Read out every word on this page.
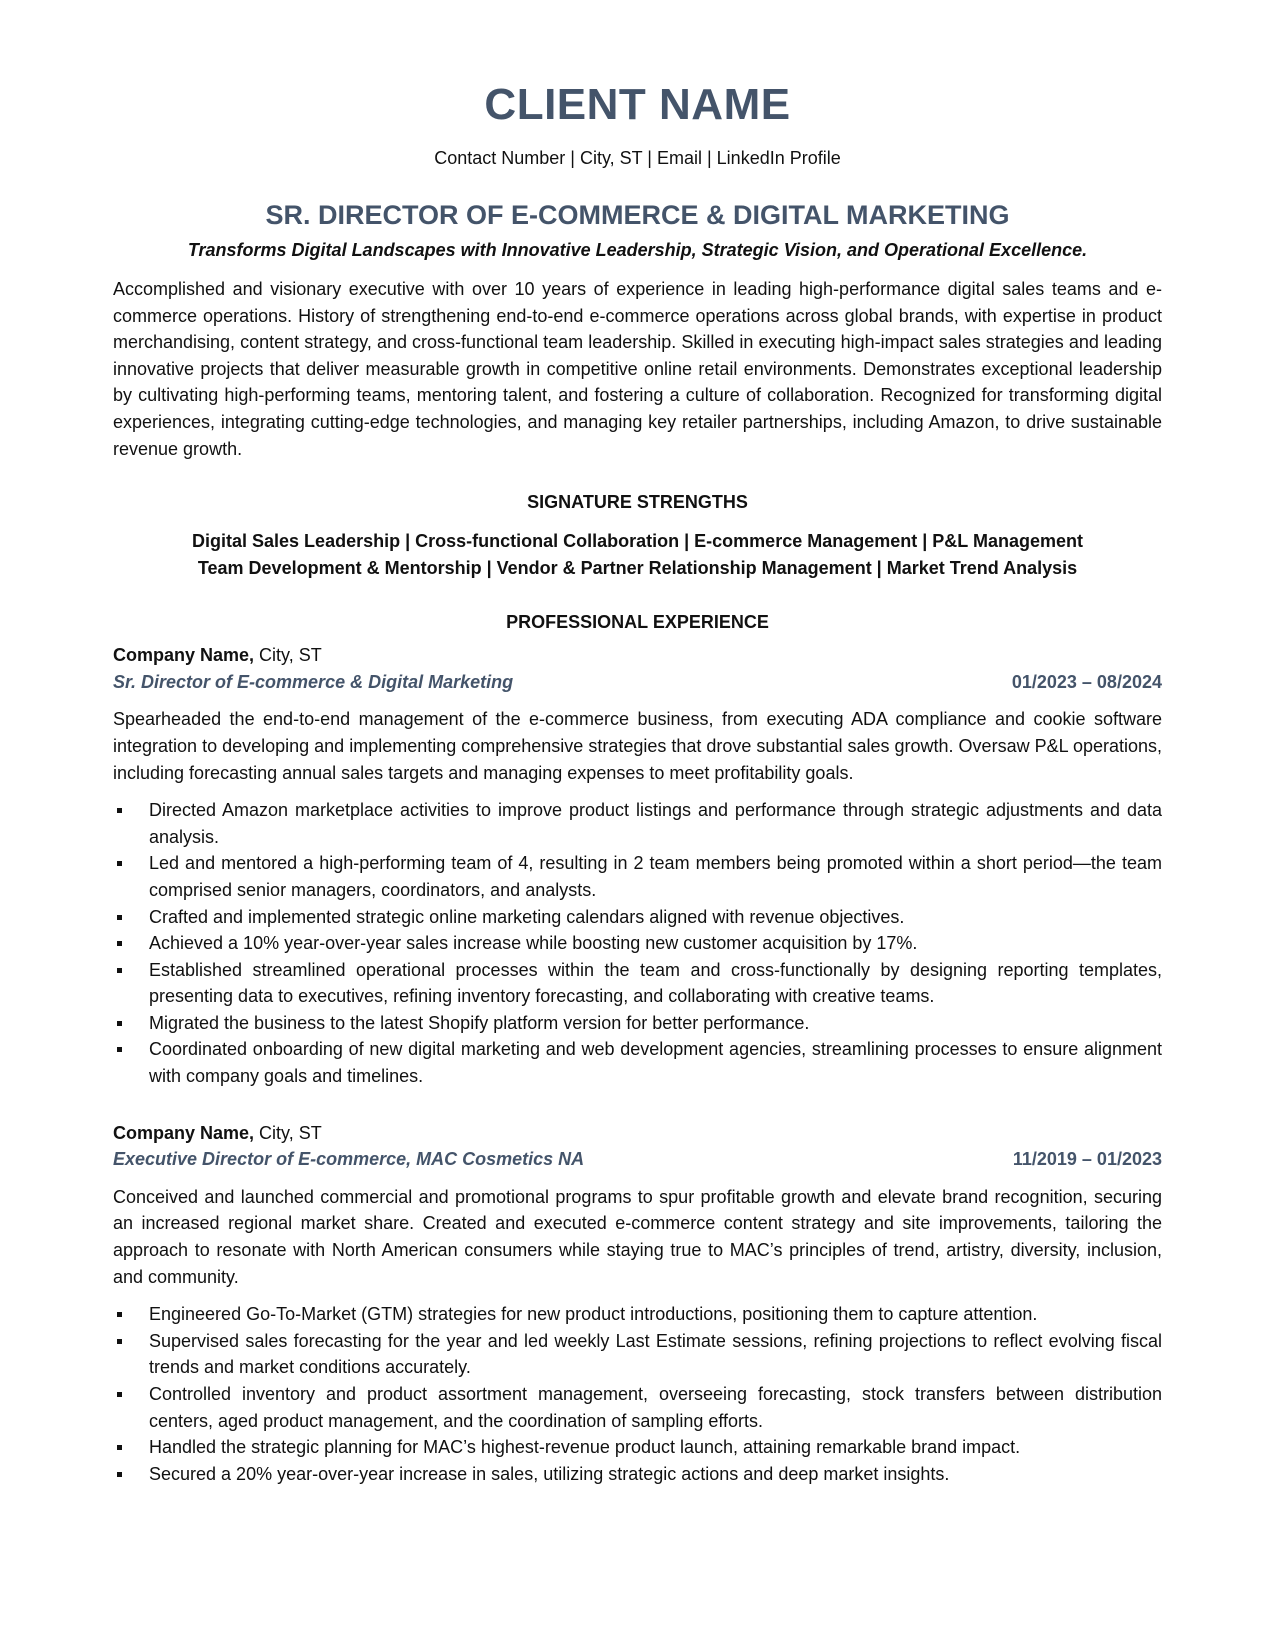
CLIENT NAME
Contact Number | City, ST | Email | LinkedIn Profile
SR. DIRECTOR OF E-COMMERCE & DIGITAL MARKETING
Transforms Digital Landscapes with Innovative Leadership, Strategic Vision, and Operational Excellence.
Accomplished and visionary executive with over 10 years of experience in leading high-performance digital sales teams and e-commerce operations. History of strengthening end-to-end e-commerce operations across global brands, with expertise in product merchandising, content strategy, and cross-functional team leadership. Skilled in executing high-impact sales strategies and leading innovative projects that deliver measurable growth in competitive online retail environments. Demonstrates exceptional leadership by cultivating high-performing teams, mentoring talent, and fostering a culture of collaboration. Recognized for transforming digital experiences, integrating cutting-edge technologies, and managing key retailer partnerships, including Amazon, to drive sustainable revenue growth.
SIGNATURE STRENGTHS
Digital Sales Leadership | Cross-functional Collaboration | E-commerce Management | P&L Management
Team Development & Mentorship | Vendor & Partner Relationship Management | Market Trend Analysis
PROFESSIONAL EXPERIENCE
Company Name, City, ST
Sr. Director of E-commerce & Digital Marketing	01/2023 – 08/2024
Spearheaded the end-to-end management of the e-commerce business, from executing ADA compliance and cookie software integration to developing and implementing comprehensive strategies that drove substantial sales growth. Oversaw P&L operations, including forecasting annual sales targets and managing expenses to meet profitability goals.
Directed Amazon marketplace activities to improve product listings and performance through strategic adjustments and data analysis.
Led and mentored a high-performing team of 4, resulting in 2 team members being promoted within a short period—the team comprised senior managers, coordinators, and analysts.
Crafted and implemented strategic online marketing calendars aligned with revenue objectives.
Achieved a 10% year-over-year sales increase while boosting new customer acquisition by 17%.
Established streamlined operational processes within the team and cross-functionally by designing reporting templates, presenting data to executives, refining inventory forecasting, and collaborating with creative teams.
Migrated the business to the latest Shopify platform version for better performance.
Coordinated onboarding of new digital marketing and web development agencies, streamlining processes to ensure alignment with company goals and timelines.
Company Name, City, ST
Executive Director of E-commerce, MAC Cosmetics NA	11/2019 – 01/2023
Conceived and launched commercial and promotional programs to spur profitable growth and elevate brand recognition, securing an increased regional market share. Created and executed e-commerce content strategy and site improvements, tailoring the approach to resonate with North American consumers while staying true to MAC’s principles of trend, artistry, diversity, inclusion, and community.
Engineered Go-To-Market (GTM) strategies for new product introductions, positioning them to capture attention.
Supervised sales forecasting for the year and led weekly Last Estimate sessions, refining projections to reflect evolving fiscal trends and market conditions accurately.
Controlled inventory and product assortment management, overseeing forecasting, stock transfers between distribution centers, aged product management, and the coordination of sampling efforts.
Handled the strategic planning for MAC’s highest-revenue product launch, attaining remarkable brand impact.
Secured a 20% year-over-year increase in sales, utilizing strategic actions and deep market insights.
